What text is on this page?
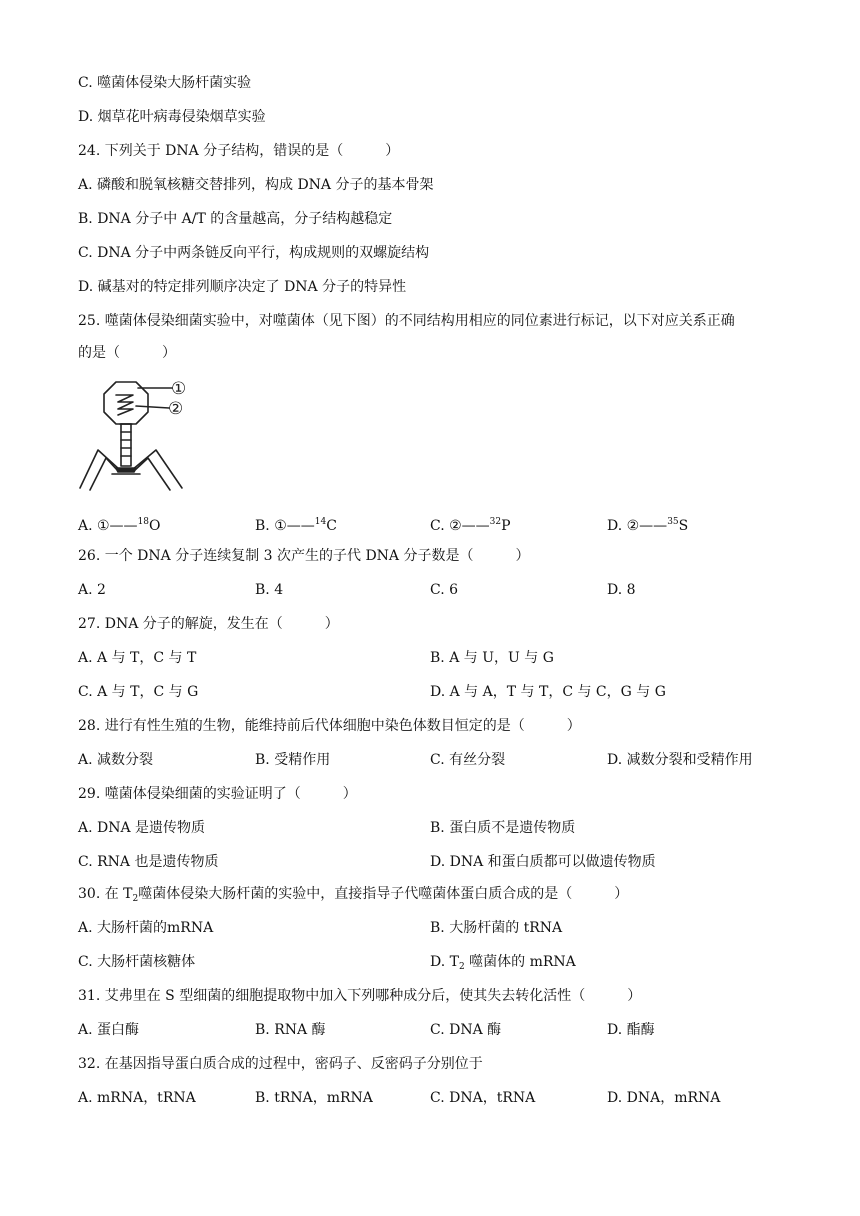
C. 噬菌体侵染大肠杆菌实验
D. 烟草花叶病毒侵染烟草实验
24. 下列关于 DNA 分子结构，错误的是（	）
A. 磷酸和脱氧核糖交替排列，构成 DNA 分子的基本骨架
B. DNA 分子中 A/T 的含量越高，分子结构越稳定
C. DNA 分子中两条链反向平行，构成规则的双螺旋结构
D. 碱基对的特定排列顺序决定了 DNA 分子的特异性
25. 噬菌体侵染细菌实验中，对噬菌体（见下图）的不同结构用相应的同位素进行标记，以下对应关系正确
的是（	）
①
②
A. ①——$^{18}$O	B. ①——$^{14}$C	C. ②——$^{32}$P	D. ②——$^{35}$S
26. 一个 DNA 分子连续复制 3 次产生的子代 DNA 分子数是（	）
A. 2	B. 4	C. 6	D. 8
27. DNA 分子的解旋，发生在（	）
A. A 与 T，C 与 T	B. A 与 U，U 与 G
C. A 与 T，C 与 G	D. A 与 A，T 与 T，C 与 C，G 与 G
28. 进行有性生殖的生物，能维持前后代体细胞中染色体数目恒定的是（	）
A. 减数分裂	B. 受精作用	C. 有丝分裂	D. 减数分裂和受精作用
29. 噬菌体侵染细菌的实验证明了（	）
A. DNA 是遗传物质	B. 蛋白质不是遗传物质
C. RNA 也是遗传物质	D. DNA 和蛋白质都可以做遗传物质
30. 在 $T_2$噬菌体侵染大肠杆菌的实验中，直接指导子代噬菌体蛋白质合成的是（	）
A. 大肠杆菌的mRNA	B. 大肠杆菌的 tRNA
C. 大肠杆菌核糖体	D. $T_2$ 噬菌体的 mRNA
31. 艾弗里在 S 型细菌的细胞提取物中加入下列哪种成分后，使其失去转化活性（	）
A. 蛋白酶	B. RNA 酶	C. DNA 酶	D. 酯酶
32. 在基因指导蛋白质合成的过程中，密码子、反密码子分别位于
A. mRNA，tRNA	B. tRNA，mRNA	C. DNA，tRNA	D. DNA，mRNA
